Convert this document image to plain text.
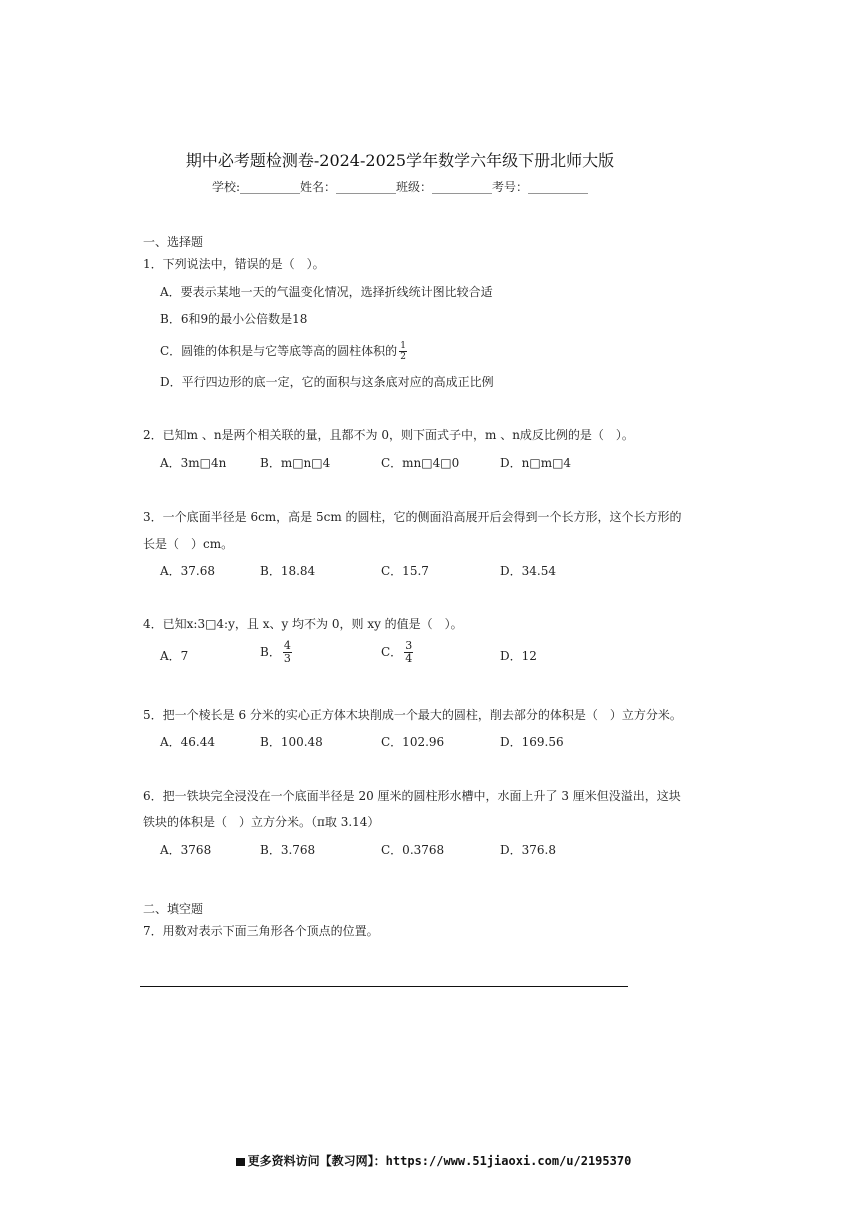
期中必考题检测卷-2024-2025学年数学六年级下册北师大版
学校:__________姓名：__________班级：__________考号：__________
一、选择题
1．下列说法中，错误的是（　）。
A．要表示某地一天的气温变化情况，选择折线统计图比较合适
B．6和9的最小公倍数是18
C．圆锥的体积是与它等底等高的圆柱体积的 $\frac{1}{2}$
D．平行四边形的底一定，它的面积与这条底对应的高成正比例
2．已知m 、n是两个相关联的量，且都不为 0，则下面式子中，m 、n成反比例的是（　）。
A．3m□4n	B．m□n□4	C．mn□4□0	D．n□m□4
3．一个底面半径是 6cm，高是 5cm 的圆柱，它的侧面沿高展开后会得到一个长方形，这个长方形的
长是（　）cm。
A．37.68	B．18.84	C．15.7	D．34.54
4．已知x:3□4:y，且 x、y 均不为 0，则 xy 的值是（　）。
A．7	B． $\frac{4}{3}$	C． $\frac{3}{4}$	D．12
5．把一个棱长是 6 分米的实心正方体木块削成一个最大的圆柱，削去部分的体积是（　）立方分米。
A．46.44	B．100.48	C．102.96	D．169.56
6．把一铁块完全浸没在一个底面半径是 20 厘米的圆柱形水槽中，水面上升了 3 厘米但没溢出，这块
铁块的体积是（　）立方分米。（π取 3.14）
A．3768	B．3.768	C．0.3768	D．376.8
二、填空题
7．用数对表示下面三角形各个顶点的位置。
更多资料访问【教习网】：https://www.51jiaoxi.com/u/2195370
